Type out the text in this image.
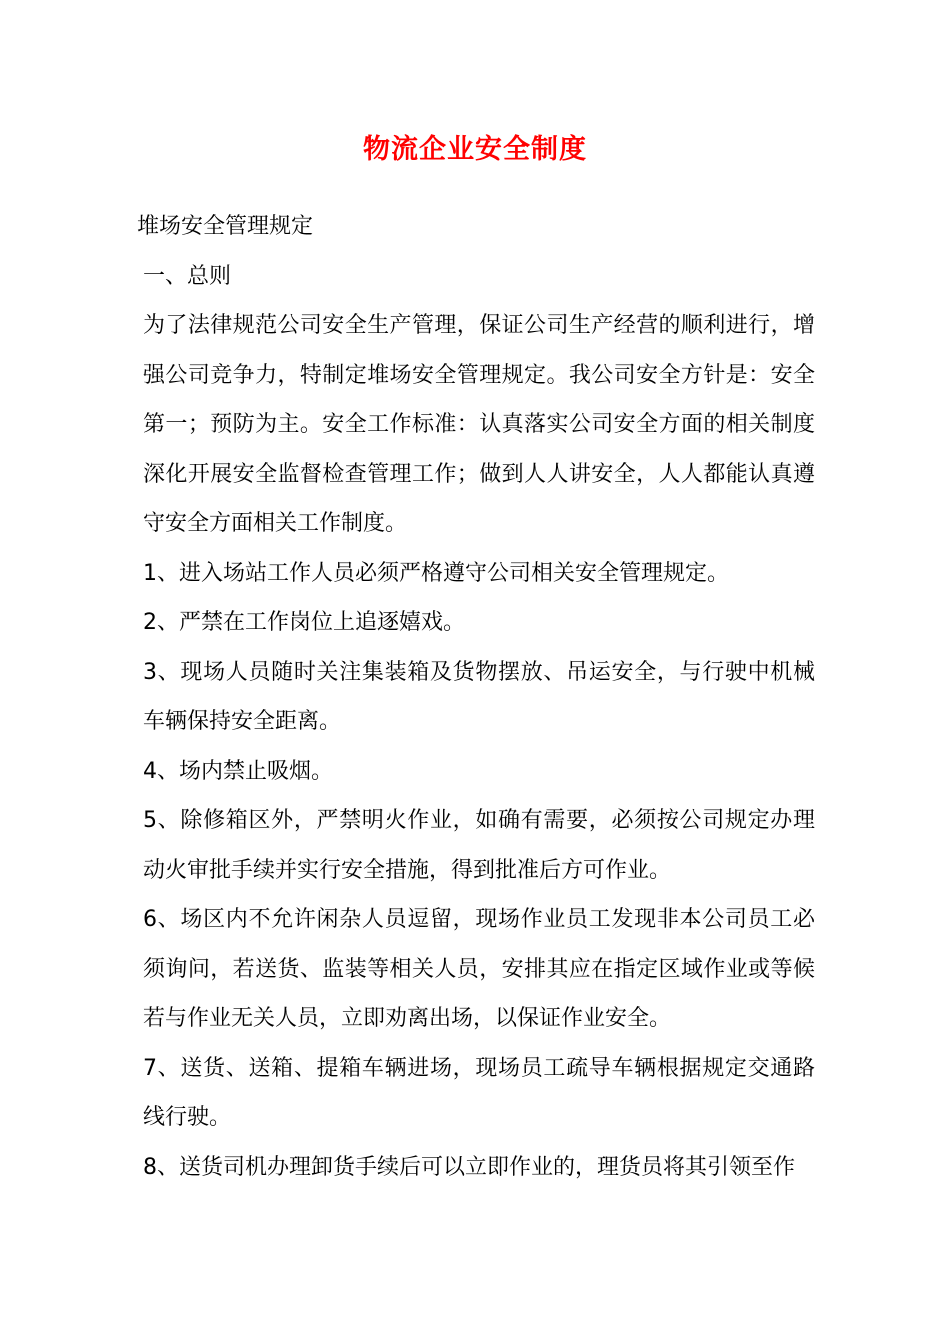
物流企业安全制度

堆场安全管理规定

一、总则

为了法律规范公司安全生产管理，保证公司生产经营的顺利进行，增强公司竞争力，特制定堆场安全管理规定。我公司安全方针是：安全第一；预防为主。安全工作标准：认真落实公司安全方面的相关制度深化开展安全监督检查管理工作；做到人人讲安全，人人都能认真遵守安全方面相关工作制度。

1、进入场站工作人员必须严格遵守公司相关安全管理规定。

2、严禁在工作岗位上追逐嬉戏。

3、现场人员随时关注集装箱及货物摆放、吊运安全，与行驶中机械车辆保持安全距离。

4、场内禁止吸烟。

5、除修箱区外，严禁明火作业，如确有需要，必须按公司规定办理动火审批手续并实行安全措施，得到批准后方可作业。

6、场区内不允许闲杂人员逗留，现场作业员工发现非本公司员工必须询问，若送货、监装等相关人员，安排其应在指定区域作业或等候若与作业无关人员，立即劝离出场，以保证作业安全。

7、送货、送箱、提箱车辆进场，现场员工疏导车辆根据规定交通路线行驶。

8、送货司机办理卸货手续后可以立即作业的，理货员将其引领至作
